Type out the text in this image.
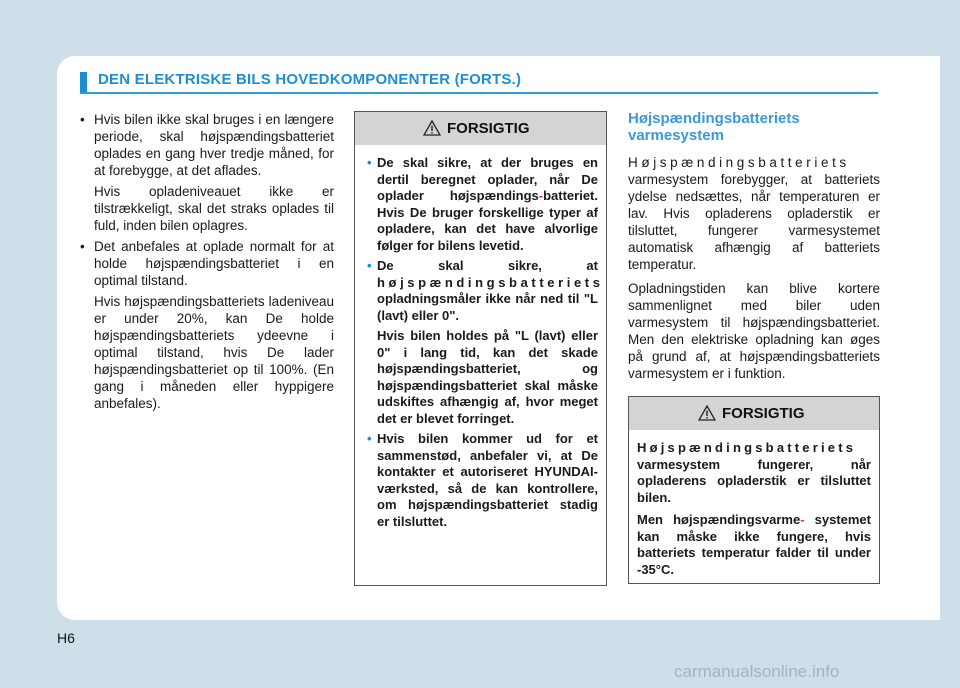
DEN ELEKTRISKE BILS HOVEDKOMPONENTER (FORTS.)
• Hvis bilen ikke skal bruges i en længere periode, skal højspændingsbatteriet oplades en gang hver tredje måned, for at forebygge, at det aflades.
Hvis opladeniveauet ikke er tilstrækkeligt, skal det straks oplades til fuld, inden bilen oplagres.
• Det anbefales at oplade normalt for at holde højspændingsbatteriet i en optimal tilstand.
Hvis højspændingsbatteriets ladeniveau er under 20%, kan De holde højspændingsbatteriets ydeevne i optimal tilstand, hvis De lader højspændingsbatteriet op til 100%. (En gang i måneden eller hyppigere anbefales).
FORSIGTIG
• De skal sikre, at der bruges en dertil beregnet oplader, når De oplader højspændings-batteriet. Hvis De bruger forskellige typer af opladere, kan det have alvorlige følger for bilens levetid.
• De skal sikre, at højspændingsbatteriets opladningsmåler ikke når ned til "L (lavt) eller 0".
Hvis bilen holdes på "L (lavt) eller 0" i lang tid, kan det skade højspændingsbatteriet, og højspændingsbatteriet skal måske udskiftes afhængig af, hvor meget det er blevet forringet.
• Hvis bilen kommer ud for et sammenstød, anbefaler vi, at De kontakter et autoriseret HYUNDAI-værksted, så de kan kontrollere, om højspændingsbatteriet stadig er tilsluttet.
Højspændingsbatteriets varmesystem

Højspændingsbatteriets varmesystem forebygger, at batteriets ydelse nedsættes, når temperaturen er lav. Hvis opladerens opladerstik er tilsluttet, fungerer varmesystemet automatisk afhængig af batteriets temperatur.

Opladningstiden kan blive kortere sammenlignet med biler uden varmesystem til højspændingsbatteriet. Men den elektriske opladning kan øges på grund af, at højspændingsbatteriets varmesystem er i funktion.

FORSIGTIG
Højspændingsbatteriets varmesystem fungerer, når opladerens opladerstik er tilsluttet bilen.
Men højspændingsvarme- systemet kan måske ikke fungere, hvis batteriets temperatur falder til under -35°C.
H6
carmanualsonline.info
